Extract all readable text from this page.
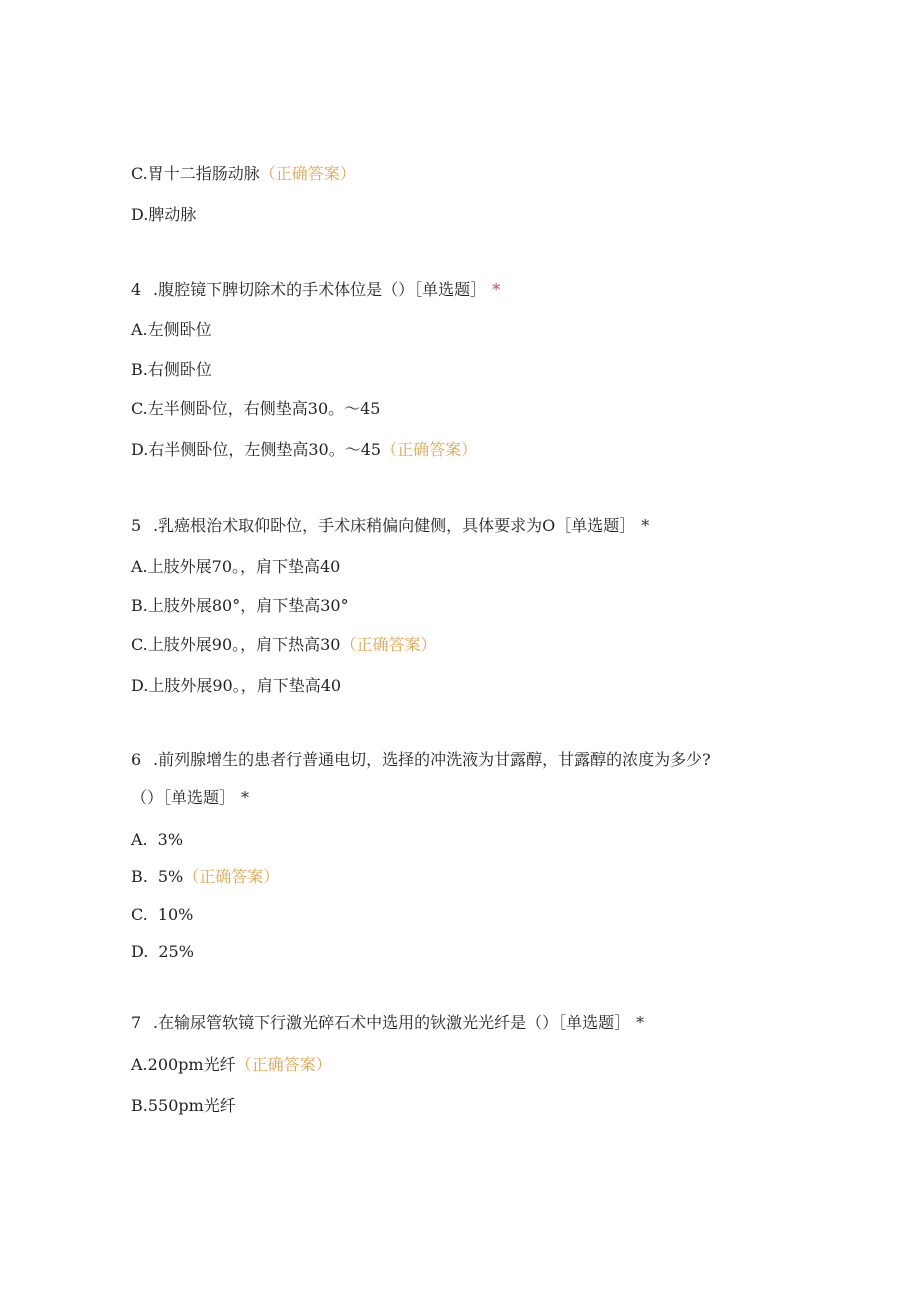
C.胃十二指肠动脉（正确答案）
D.脾动脉
4 .腹腔镜下脾切除术的手术体位是（）［单选题］ *
A.左侧卧位
B.右侧卧位
C.左半侧卧位，右侧垫高30。～45
D.右半侧卧位，左侧垫高30。～45（正确答案）
5 .乳癌根治术取仰卧位，手术床稍偏向健侧，具体要求为O［单选题］ *
A.上肢外展70。，肩下垫高40
B.上肢外展80°，肩下垫高30°
C.上肢外展90。，肩下热高30（正确答案）
D.上肢外展90。，肩下垫高40
6 .前列腺增生的患者行普通电切，选择的冲洗液为甘露醇，甘露醇的浓度为多少?
（）［单选题］ *
A. 3%
B. 5%（正确答案）
C. 10%
D. 25%
7 .在输尿管软镜下行激光碎石术中选用的钬激光光纤是（）［单选题］ *
A.200pm光纤（正确答案）
B.550pm光纤
